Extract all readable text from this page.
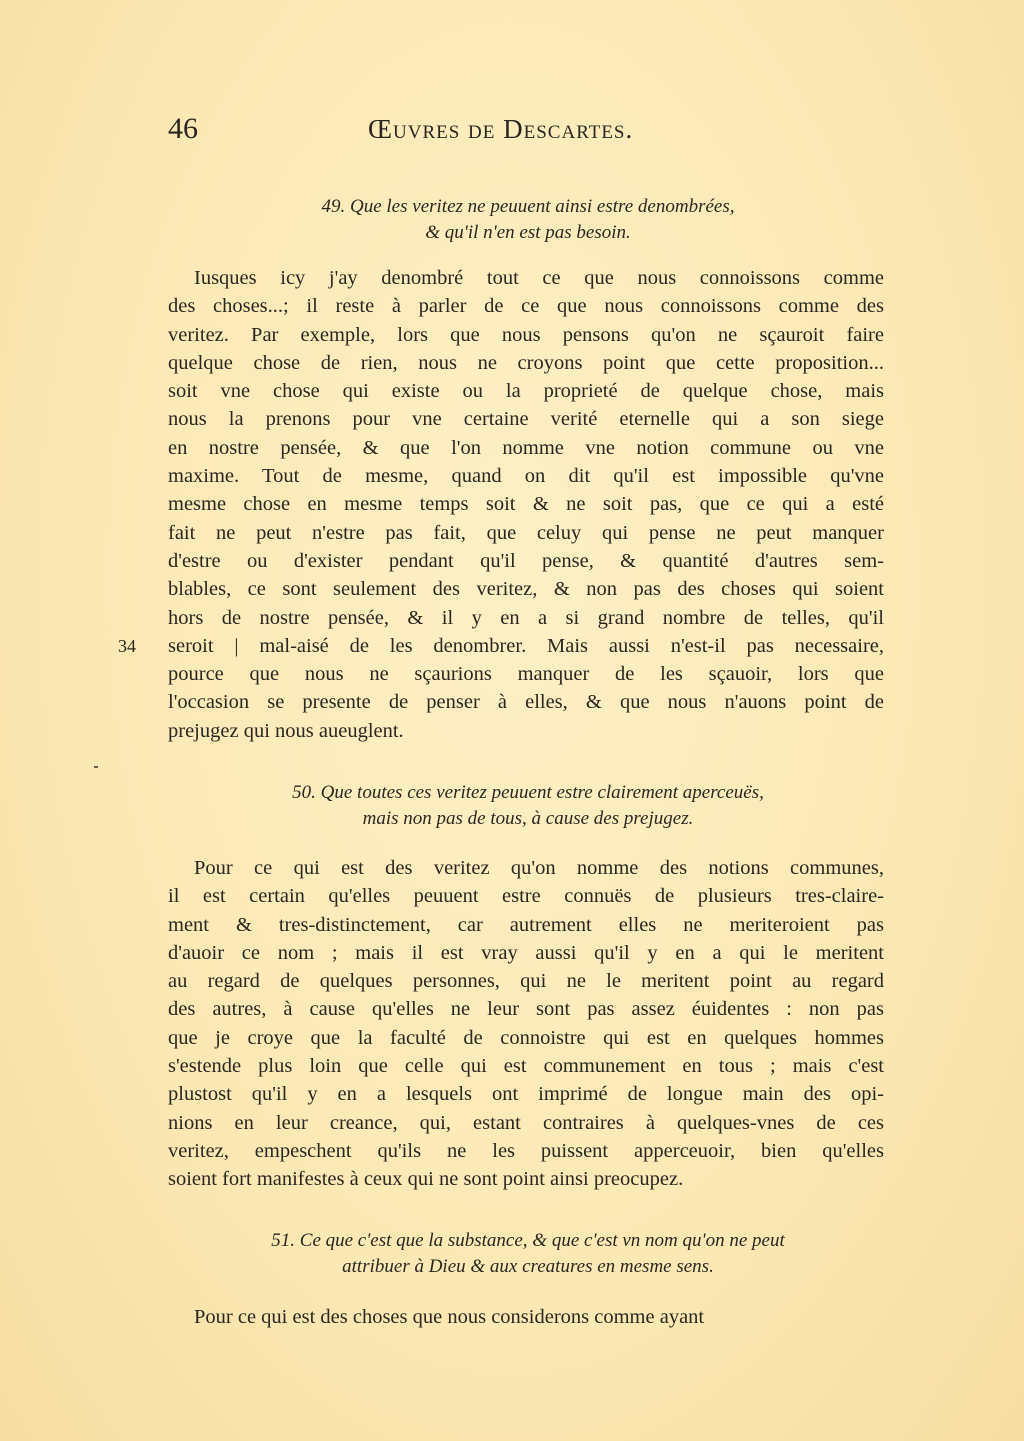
46	Œuvres de Descartes.
49. Que les veritez ne peuuent ainsi estre denombrées,
& qu'il n'en est pas besoin.
Iusques icy j'ay denombré tout ce que nous connoissons comme
des choses...; il reste à parler de ce que nous connoissons comme des
veritez. Par exemple, lors que nous pensons qu'on ne sçauroit faire
quelque chose de rien, nous ne croyons point que cette proposition...
soit vne chose qui existe ou la proprieté de quelque chose, mais
nous la prenons pour vne certaine verité eternelle qui a son siege
en nostre pensée, & que l'on nomme vne notion commune ou vne
maxime. Tout de mesme, quand on dit qu'il est impossible qu'vne
mesme chose en mesme temps soit & ne soit pas, que ce qui a esté
fait ne peut n'estre pas fait, que celuy qui pense ne peut manquer
d'estre ou d'exister pendant qu'il pense, & quantité d'autres sem-
blables, ce sont seulement des veritez, & non pas des choses qui soient
hors de nostre pensée, & il y en a si grand nombre de telles, qu'il
seroit | mal-aisé de les denombrer. Mais aussi n'est-il pas necessaire,
pource que nous ne sçaurions manquer de les sçauoir, lors que
l'occasion se presente de penser à elles, & que nous n'auons point de
prejugez qui nous aueuglent.
34
50. Que toutes ces veritez peuuent estre clairement aperceuës,
mais non pas de tous, à cause des prejugez.
Pour ce qui est des veritez qu'on nomme des notions communes,
il est certain qu'elles peuuent estre connuës de plusieurs tres-claire-
ment & tres-distinctement, car autrement elles ne meriteroient pas
d'auoir ce nom ; mais il est vray aussi qu'il y en a qui le meritent
au regard de quelques personnes, qui ne le meritent point au regard
des autres, à cause qu'elles ne leur sont pas assez éuidentes : non pas
que je croye que la faculté de connoistre qui est en quelques hommes
s'estende plus loin que celle qui est communement en tous ; mais c'est
plustost qu'il y en a lesquels ont imprimé de longue main des opi-
nions en leur creance, qui, estant contraires à quelques-vnes de ces
veritez, empeschent qu'ils ne les puissent apperceuoir, bien qu'elles
soient fort manifestes à ceux qui ne sont point ainsi preocupez.
51. Ce que c'est que la substance, & que c'est vn nom qu'on ne peut
attribuer à Dieu & aux creatures en mesme sens.
Pour ce qui est des choses que nous considerons comme ayant
